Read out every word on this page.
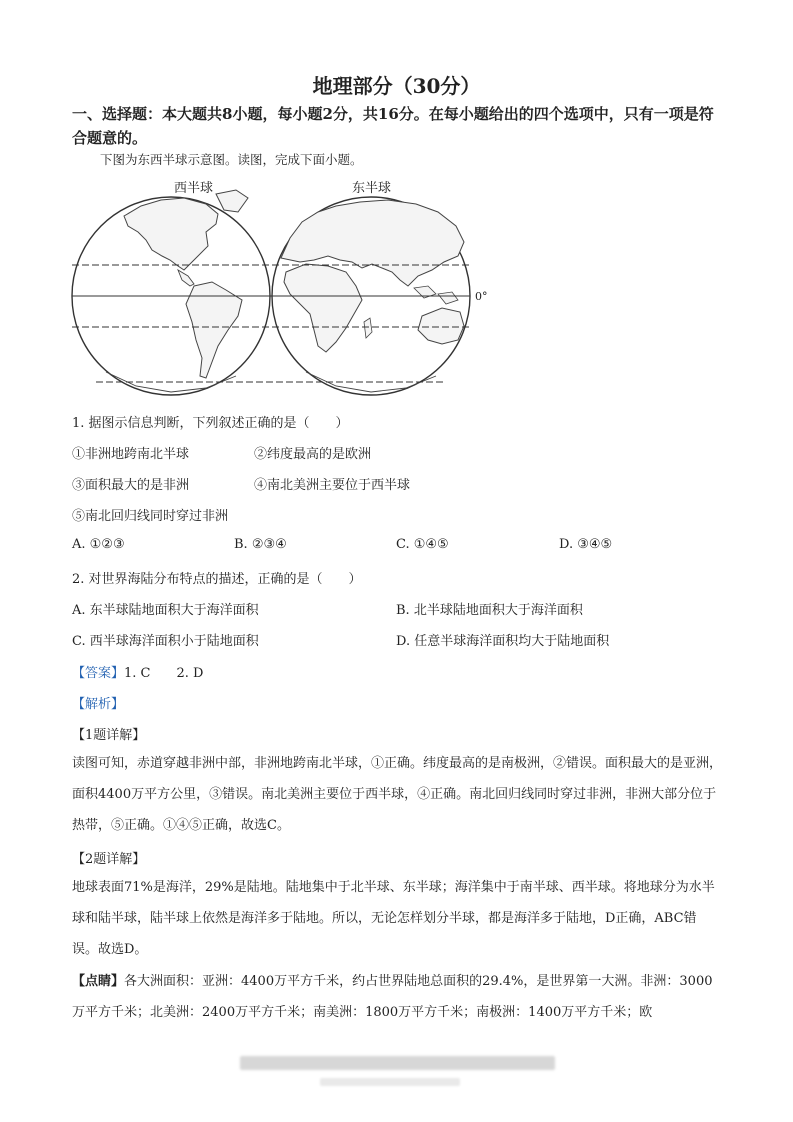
地理部分（30分）
一、选择题：本大题共8小题，每小题2分，共16分。在每小题给出的四个选项中，只有一项是符合题意的。
下图为东西半球示意图。读图，完成下面小题。
西半球	东半球
0°
1. 据图示信息判断，下列叙述正确的是（　　）
①非洲地跨南北半球	②纬度最高的是欧洲
③面积最大的是非洲	④南北美洲主要位于西半球
⑤南北回归线同时穿过非洲
A. ①②③	B. ②③④	C. ①④⑤	D. ③④⑤
2. 对世界海陆分布特点的描述，正确的是（　　）
A. 东半球陆地面积大于海洋面积	B. 北半球陆地面积大于海洋面积
C. 西半球海洋面积小于陆地面积	D. 任意半球海洋面积均大于陆地面积
【答案】1. C　　2. D
【解析】
【1题详解】
读图可知，赤道穿越非洲中部，非洲地跨南北半球，①正确。纬度最高的是南极洲，②错误。面积最大的是亚洲，　面积4400万平方公里，③错误。南北美洲主要位于西半球，④正确。南北回归线同时穿过非洲，非洲大部分位于热带，⑤正确。①④⑤正确，故选C。
【2题详解】
地球表面71%是海洋，29%是陆地。陆地集中于北半球、东半球；海洋集中于南半球、西半球。将地球分为水半球和陆半球，陆半球上依然是海洋多于陆地。所以，无论怎样划分半球，都是海洋多于陆地，D正确，ABC错误。故选D。
【点睛】各大洲面积：亚洲：4400万平方千米，约占世界陆地总面积的29.4%，是世界第一大洲。非洲：3000万平方千米；北美洲：2400万平方千米；南美洲：1800万平方千米；南极洲：1400万平方千米；欧
